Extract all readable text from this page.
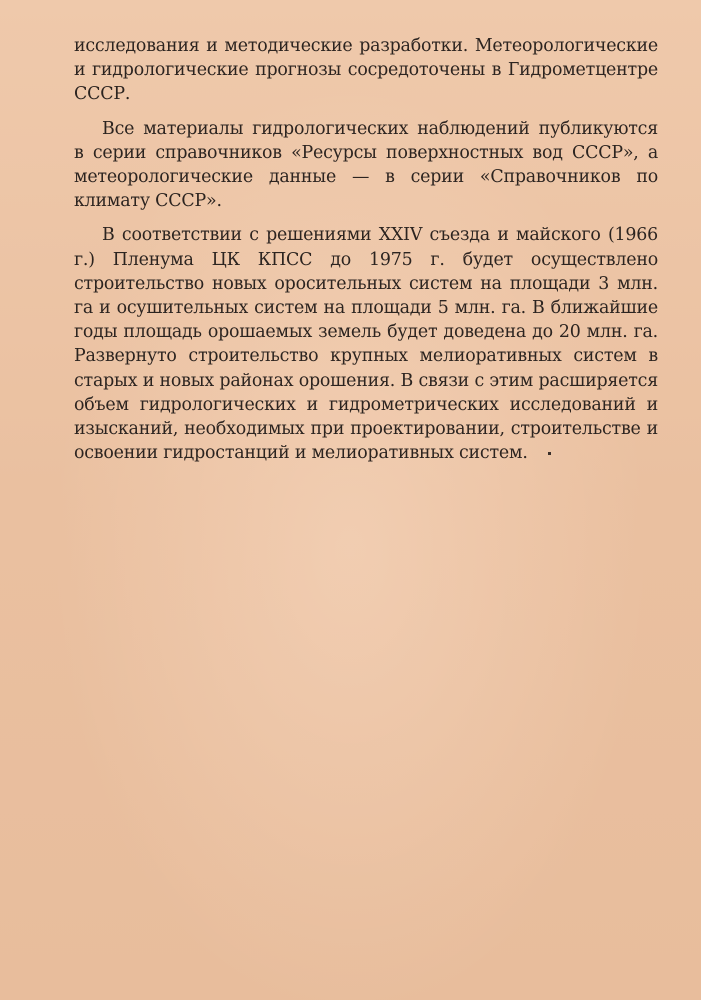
исследования и методические разработки. Метеорологические и гидрологические прогнозы сосредоточены в Гидрометцентре СССР.

Все материалы гидрологических наблюдений публикуются в серии справочников «Ресурсы поверхностных вод СССР», а метеорологические данные — в серии «Справочников по климату СССР».

В соответствии с решениями XXIV съезда и майского (1966 г.) Пленума ЦК КПСС до 1975 г. будет осуществлено строительство новых оросительных систем на площади 3 млн. га и осушительных систем на площади 5 млн. га. В ближайшие годы площадь орошаемых земель будет доведена до 20 млн. га. Развернуто строительство крупных мелиоративных систем в старых и новых районах орошения. В связи с этим расширяется объем гидрологических и гидрометрических исследований и изысканий, необходимых при проектировании, строительстве и освоении гидростанций и мелиоративных систем.
